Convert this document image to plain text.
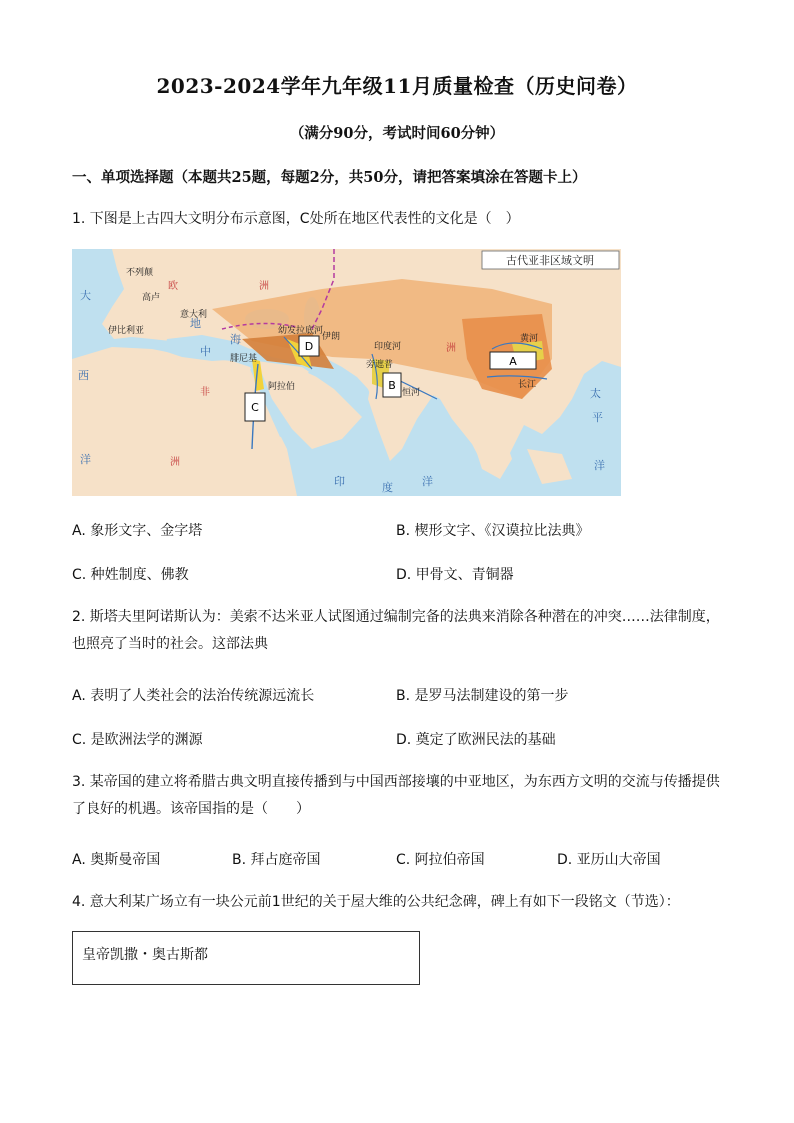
2023-2024学年九年级11月质量检查（历史问卷）
（满分90分，考试时间60分钟）
一、单项选择题（本题共25题，每题2分，共50分，请把答案填涂在答题卡上）
1. 下图是上古四大文明分布示意图，C处所在地区代表性的文化是（　）
古代亚非区域文明
不列颠
高卢
意大利
伊比利亚
腓尼基
阿拉伯
伊朗
旁遮普
欧	洲
非
洲
洲
大
西
洋
地
中
海
印	度	洋
太
平
洋
黄河
长江
印度河
恒河
幼发拉底河
A
B
C
D
A. 象形文字、金字塔	B. 楔形文字、《汉谟拉比法典》
C. 种姓制度、佛教	D. 甲骨文、青铜器
2. 斯塔夫里阿诺斯认为：美索不达米亚人试图通过编制完备的法典来消除各种潜在的冲突……法律制度，也照亮了当时的社会。这部法典
A. 表明了人类社会的法治传统源远流长	B. 是罗马法制建设的第一步
C. 是欧洲法学的渊源	D. 奠定了欧洲民法的基础
3. 某帝国的建立将希腊古典文明直接传播到与中国西部接壤的中亚地区，为东西方文明的交流与传播提供了良好的机遇。该帝国指的是（　　）
A. 奥斯曼帝国	B. 拜占庭帝国	C. 阿拉伯帝国	D. 亚历山大帝国
4. 意大利某广场立有一块公元前1世纪的关于屋大维的公共纪念碑，碑上有如下一段铭文（节选）：
皇帝凯撒・奥古斯都
